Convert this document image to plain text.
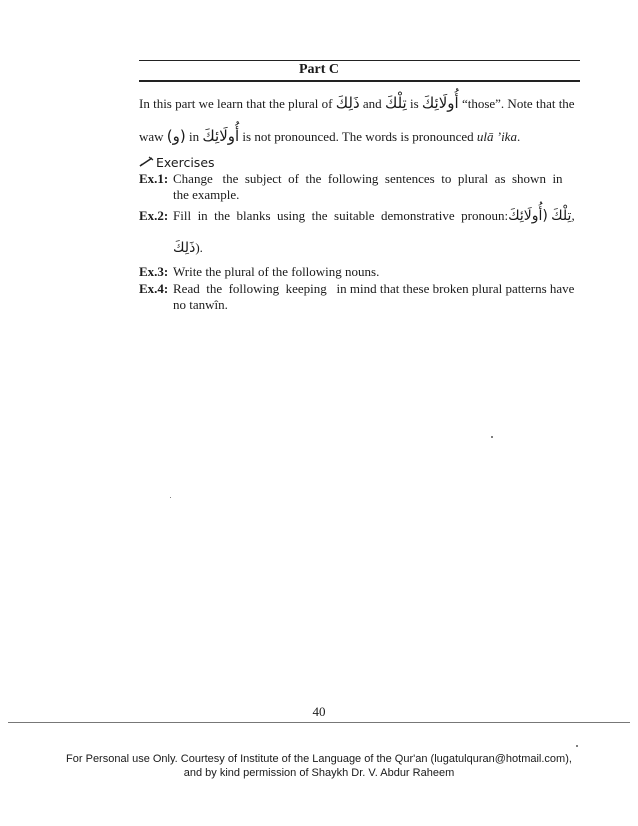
Part C
In this part we learn that the plural of ذَلِكَ and تِلْكَ is أُولَائِكَ “those”. Note that the
waw (و) in أُولَائِكَ is not pronounced. The words is pronounced ulā ’ika.
Exercises
Ex.1: Change   the  subject  of  the  following  sentences  to  plural  as  shown  in  the example.
Ex.2: Fill  in  the  blanks  using  the  suitable  demonstrative  pronoun:(أُولَائِكَ تِلْكَ,
ذَلِكَ).
Ex.3: Write the plural of the following nouns.
Ex.4: Read  the  following  keeping   in mind that these broken plural patterns have no tanwîn.
40
For Personal use Only. Courtesy of Institute of the Language of the Qur'an (lugatulquran@hotmail.com),
and by kind permission of Shaykh Dr. V. Abdur Raheem
